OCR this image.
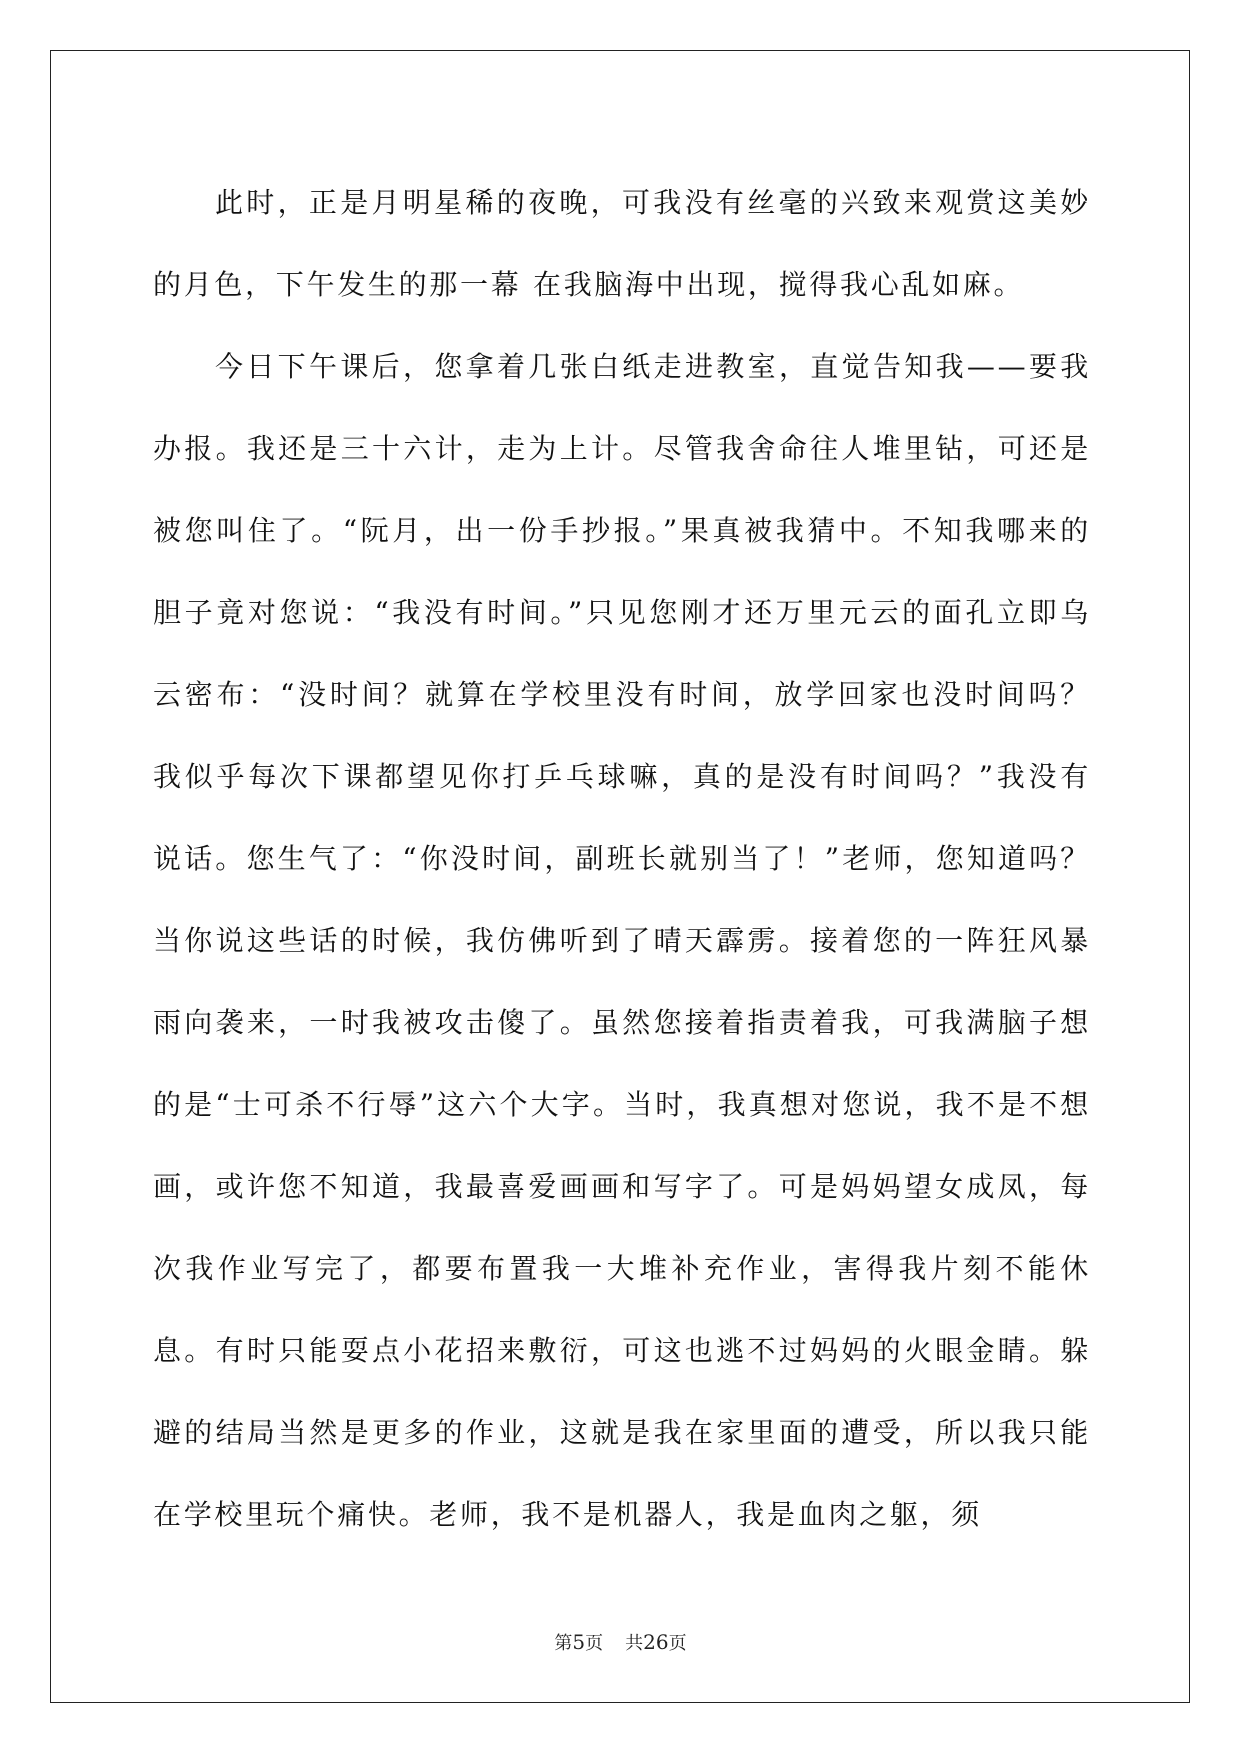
此时，正是月明星稀的夜晚，可我没有丝毫的兴致来观赏这美妙的月色，下午发生的那一幕 在我脑海中出现，搅得我心乱如麻。

今日下午课后，您拿着几张白纸走进教室，直觉告知我——要我办报。我还是三十六计，走为上计。尽管我舍命往人堆里钻，可还是被您叫住了。“阮月，出一份手抄报。”果真被我猜中。不知我哪来的胆子竟对您说：“我没有时间。”只见您刚才还万里元云的面孔立即乌云密布：“没时间？就算在学校里没有时间，放学回家也没时间吗？我似乎每次下课都望见你打乒乓球嘛，真的是没有时间吗？”我没有说话。您生气了：“你没时间，副班长就别当了！”老师，您知道吗？当你说这些话的时候，我仿佛听到了晴天霹雳。接着您的一阵狂风暴雨向袭来，一时我被攻击傻了。虽然您接着指责着我，可我满脑子想的是“士可杀不行辱”这六个大字。当时，我真想对您说，我不是不想画，或许您不知道，我最喜爱画画和写字了。可是妈妈望女成凤，每次我作业写完了，都要布置我一大堆补充作业，害得我片刻不能休息。有时只能耍点小花招来敷衍，可这也逃不过妈妈的火眼金睛。躲避的结局当然是更多的作业，这就是我在家里面的遭受，所以我只能在学校里玩个痛快。老师，我不是机器人，我是血肉之躯，须

第5页 共26页
